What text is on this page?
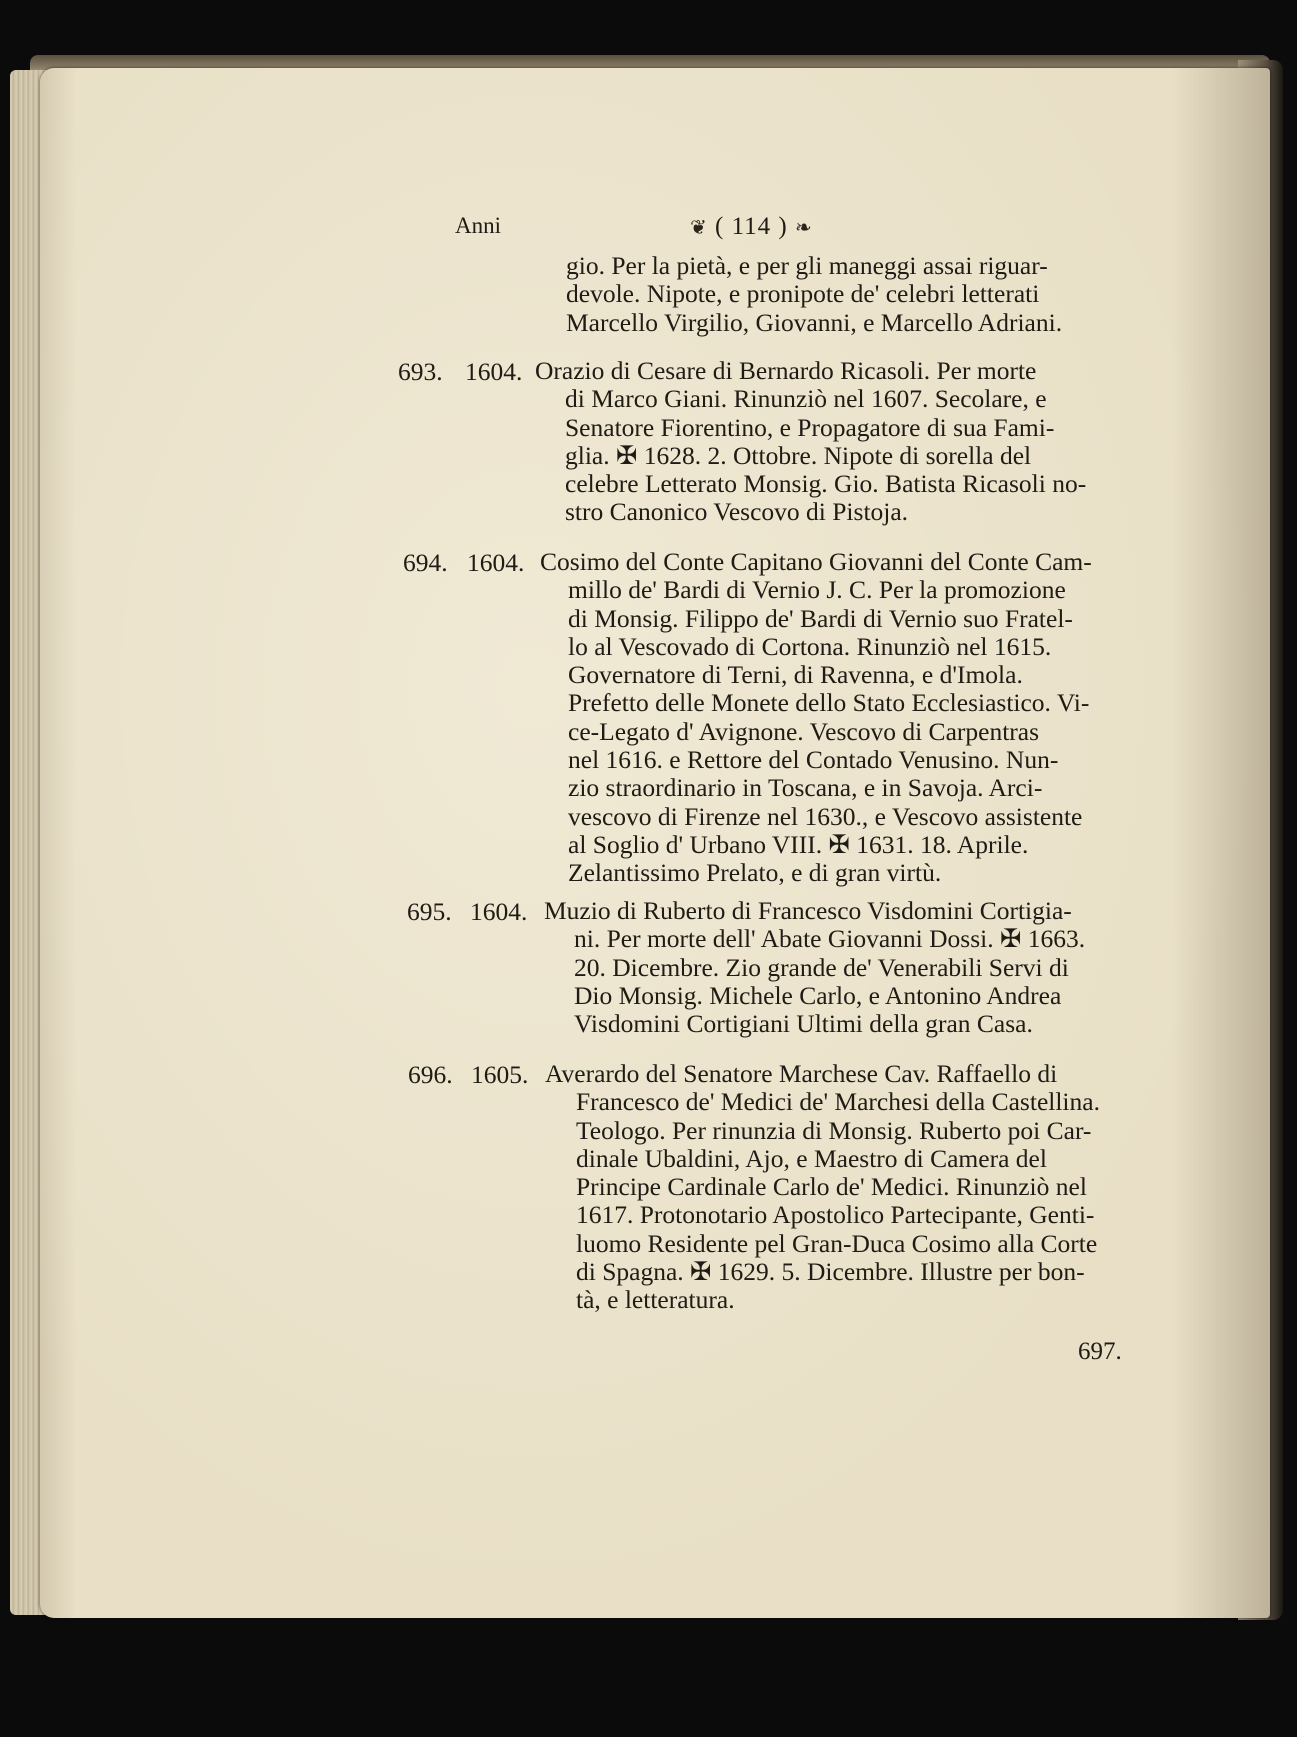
Anni	❦ ( 114 ) ❧
gio. Per la pietà, e per gli maneggi assai riguar-
devole. Nipote, e pronipote de' celebri letterati
Marcello Virgilio, Giovanni, e Marcello Adriani.
693. 1604. Orazio di Cesare di Bernardo Ricasoli. Per morte
di Marco Giani. Rinunziò nel 1607. Secolare, e
Senatore Fiorentino, e Propagatore di sua Fami-
glia. ✠ 1628. 2. Ottobre. Nipote di sorella del
celebre Letterato Monsig. Gio. Batista Ricasoli no-
stro Canonico Vescovo di Pistoja.
694. 1604. Cosimo del Conte Capitano Giovanni del Conte Cam-
millo de' Bardi di Vernio J. C. Per la promozione
di Monsig. Filippo de' Bardi di Vernio suo Fratel-
lo al Vescovado di Cortona. Rinunziò nel 1615.
Governatore di Terni, di Ravenna, e d'Imola.
Prefetto delle Monete dello Stato Ecclesiastico. Vi-
ce-Legato d' Avignone. Vescovo di Carpentras
nel 1616. e Rettore del Contado Venusino. Nun-
zio straordinario in Toscana, e in Savoja. Arci-
vescovo di Firenze nel 1630., e Vescovo assistente
al Soglio d' Urbano VIII. ✠ 1631. 18. Aprile.
Zelantissimo Prelato, e di gran virtù.
695. 1604. Muzio di Ruberto di Francesco Visdomini Cortigia-
ni. Per morte dell' Abate Giovanni Dossi. ✠ 1663.
20. Dicembre. Zio grande de' Venerabili Servi di
Dio Monsig. Michele Carlo, e Antonino Andrea
Visdomini Cortigiani Ultimi della gran Casa.
696. 1605. Averardo del Senatore Marchese Cav. Raffaello di
Francesco de' Medici de' Marchesi della Castellina.
Teologo. Per rinunzia di Monsig. Ruberto poi Car-
dinale Ubaldini, Ajo, e Maestro di Camera del
Principe Cardinale Carlo de' Medici. Rinunziò nel
1617. Protonotario Apostolico Partecipante, Genti-
luomo Residente pel Gran-Duca Cosimo alla Corte
di Spagna. ✠ 1629. 5. Dicembre. Illustre per bon-
tà, e letteratura.
697.
